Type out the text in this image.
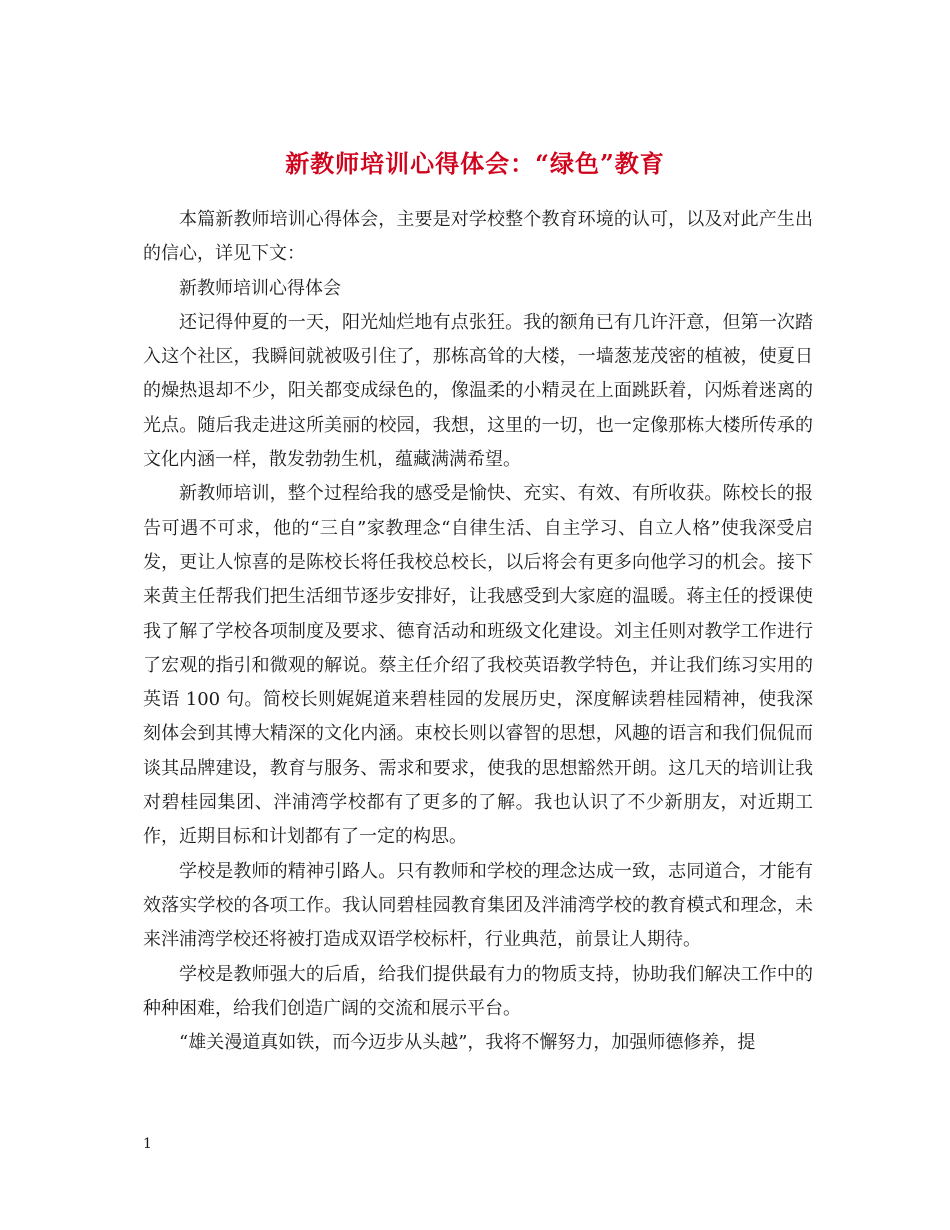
新教师培训心得体会：“绿色”教育

本篇新教师培训心得体会，主要是对学校整个教育环境的认可，以及对此产生出的信心，详见下文：

新教师培训心得体会

还记得仲夏的一天，阳光灿烂地有点张狂。我的额角已有几许汗意，但第一次踏入这个社区，我瞬间就被吸引住了，那栋高耸的大楼，一墙葱茏茂密的植被，使夏日的燥热退却不少，阳关都变成绿色的，像温柔的小精灵在上面跳跃着，闪烁着迷离的光点。随后我走进这所美丽的校园，我想，这里的一切，也一定像那栋大楼所传承的文化内涵一样，散发勃勃生机，蕴藏满满希望。

新教师培训，整个过程给我的感受是愉快、充实、有效、有所收获。陈校长的报告可遇不可求，他的“三自”家教理念“自律生活、自主学习、自立人格”使我深受启发，更让人惊喜的是陈校长将任我校总校长，以后将会有更多向他学习的机会。接下来黄主任帮我们把生活细节逐步安排好，让我感受到大家庭的温暖。蒋主任的授课使我了解了学校各项制度及要求、德育活动和班级文化建设。刘主任则对教学工作进行了宏观的指引和微观的解说。蔡主任介绍了我校英语教学特色，并让我们练习实用的英语 100 句。简校长则娓娓道来碧桂园的发展历史，深度解读碧桂园精神，使我深刻体会到其博大精深的文化内涵。束校长则以睿智的思想，风趣的语言和我们侃侃而谈其品牌建设，教育与服务、需求和要求，使我的思想豁然开朗。这几天的培训让我对碧桂园集团、泮浦湾学校都有了更多的了解。我也认识了不少新朋友，对近期工作，近期目标和计划都有了一定的构思。

学校是教师的精神引路人。只有教师和学校的理念达成一致，志同道合，才能有效落实学校的各项工作。我认同碧桂园教育集团及泮浦湾学校的教育模式和理念，未来泮浦湾学校还将被打造成双语学校标杆，行业典范，前景让人期待。

学校是教师强大的后盾，给我们提供最有力的物质支持，协助我们解决工作中的种种困难，给我们创造广阔的交流和展示平台。

“雄关漫道真如铁，而今迈步从头越”，我将不懈努力，加强师德修养，提

1
